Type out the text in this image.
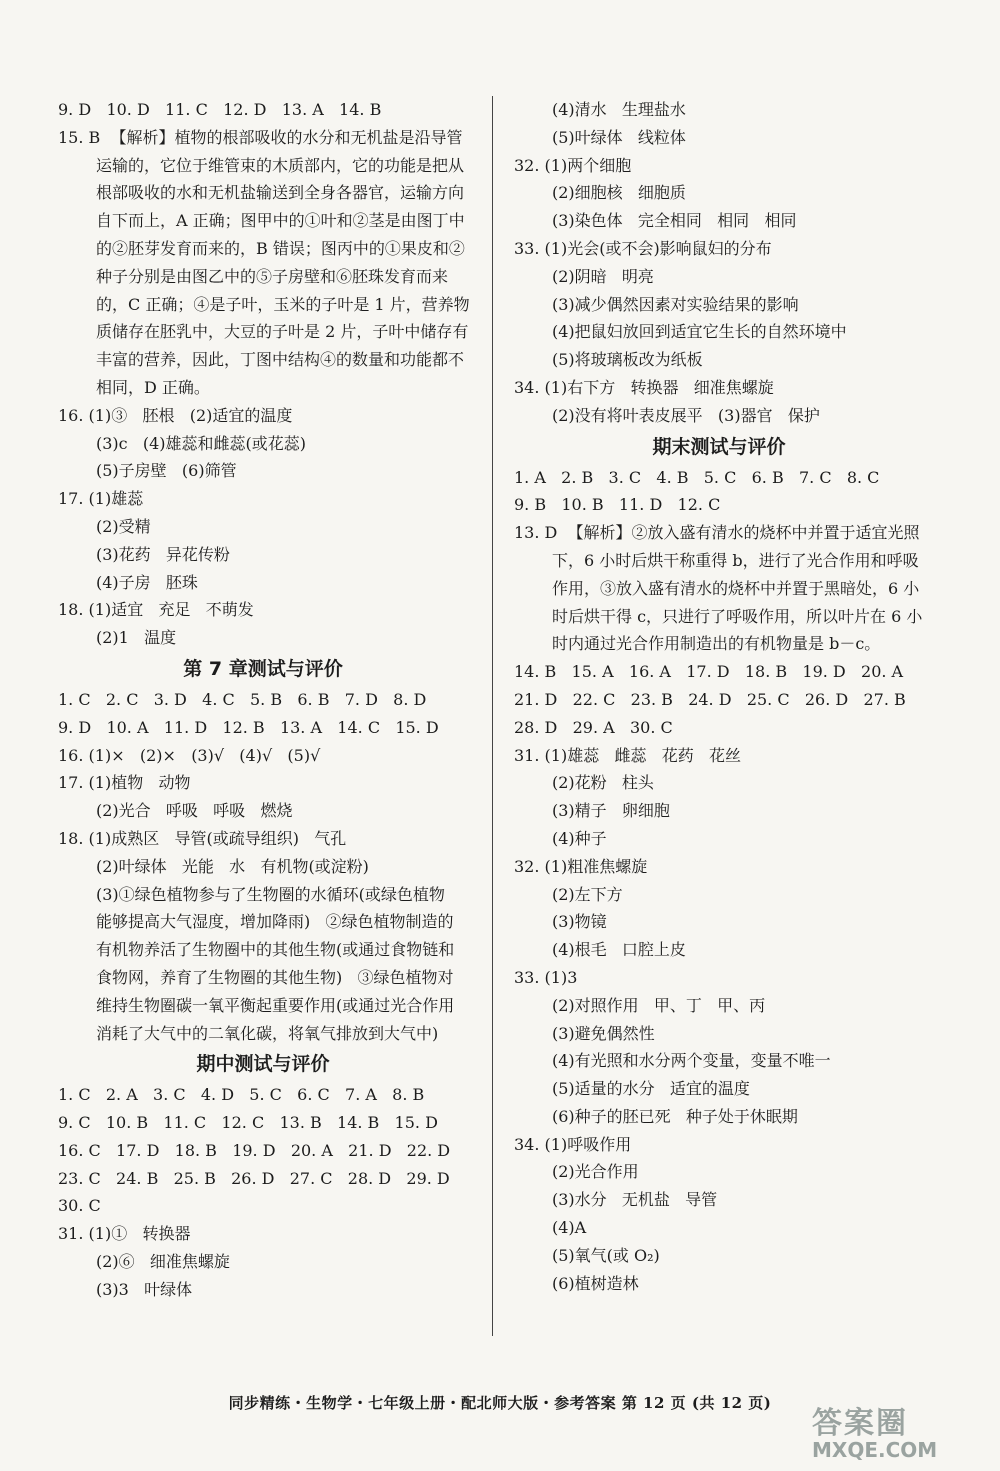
9. D   10. D   11. C   12. D   13. A   14. B
15. B  【解析】植物的根部吸收的水分和无机盐是沿导管
运输的，它位于维管束的木质部内，它的功能是把从
根部吸收的水和无机盐输送到全身各器官，运输方向
自下而上，A 正确；图甲中的①叶和②茎是由图丁中
的②胚芽发育而来的，B 错误；图丙中的①果皮和②
种子分别是由图乙中的⑤子房壁和⑥胚珠发育而来
的，C 正确；④是子叶，玉米的子叶是 1 片，营养物
质储存在胚乳中，大豆的子叶是 2 片，子叶中储存有
丰富的营养，因此，丁图中结构④的数量和功能都不
相同，D 正确。
16. (1)③   胚根   (2)适宜的温度
(3)c   (4)雄蕊和雌蕊(或花蕊)
(5)子房壁   (6)筛管
17. (1)雄蕊
(2)受精
(3)花药   异花传粉
(4)子房   胚珠
18. (1)适宜   充足   不萌发
(2)1   温度
第 7 章测试与评价
1. C   2. C   3. D   4. C   5. B   6. B   7. D   8. D
9. D   10. A   11. D   12. B   13. A   14. C   15. D
16. (1)×   (2)×   (3)√   (4)√   (5)√
17. (1)植物   动物
(2)光合   呼吸   呼吸   燃烧
18. (1)成熟区   导管(或疏导组织)   气孔
(2)叶绿体   光能   水   有机物(或淀粉)
(3)①绿色植物参与了生物圈的水循环(或绿色植物
能够提高大气湿度，增加降雨)   ②绿色植物制造的
有机物养活了生物圈中的其他生物(或通过食物链和
食物网，养育了生物圈的其他生物)   ③绿色植物对
维持生物圈碳一氧平衡起重要作用(或通过光合作用
消耗了大气中的二氧化碳，将氧气排放到大气中)
期中测试与评价
1. C   2. A   3. C   4. D   5. C   6. C   7. A   8. B
9. C   10. B   11. C   12. C   13. B   14. B   15. D
16. C   17. D   18. B   19. D   20. A   21. D   22. D
23. C   24. B   25. B   26. D   27. C   28. D   29. D
30. C
31. (1)①   转换器
(2)⑥   细准焦螺旋
(3)3   叶绿体
(4)清水   生理盐水
(5)叶绿体   线粒体
32. (1)两个细胞
(2)细胞核   细胞质
(3)染色体   完全相同   相同   相同
33. (1)光会(或不会)影响鼠妇的分布
(2)阴暗   明亮
(3)减少偶然因素对实验结果的影响
(4)把鼠妇放回到适宜它生长的自然环境中
(5)将玻璃板改为纸板
34. (1)右下方   转换器   细准焦螺旋
(2)没有将叶表皮展平   (3)器官   保护
期末测试与评价
1. A   2. B   3. C   4. B   5. C   6. B   7. C   8. C
9. B   10. B   11. D   12. C
13. D  【解析】②放入盛有清水的烧杯中并置于适宜光照
下，6 小时后烘干称重得 b，进行了光合作用和呼吸
作用，③放入盛有清水的烧杯中并置于黑暗处，6 小
时后烘干得 c，只进行了呼吸作用，所以叶片在 6 小
时内通过光合作用制造出的有机物量是 b－c。
14. B   15. A   16. A   17. D   18. B   19. D   20. A
21. D   22. C   23. B   24. D   25. C   26. D   27. B
28. D   29. A   30. C
31. (1)雄蕊   雌蕊   花药   花丝
(2)花粉   柱头
(3)精子   卵细胞
(4)种子
32. (1)粗准焦螺旋
(2)左下方
(3)物镜
(4)根毛   口腔上皮
33. (1)3
(2)对照作用   甲、丁   甲、丙
(3)避免偶然性
(4)有光照和水分两个变量，变量不唯一
(5)适量的水分   适宜的温度
(6)种子的胚已死   种子处于休眠期
34. (1)呼吸作用
(2)光合作用
(3)水分   无机盐   导管
(4)A
(5)氧气(或 O₂)
(6)植树造林
同步精练・生物学・七年级上册・配北师大版・参考答案 第 12 页 (共 12 页)
答案圈
MXQE.COM
